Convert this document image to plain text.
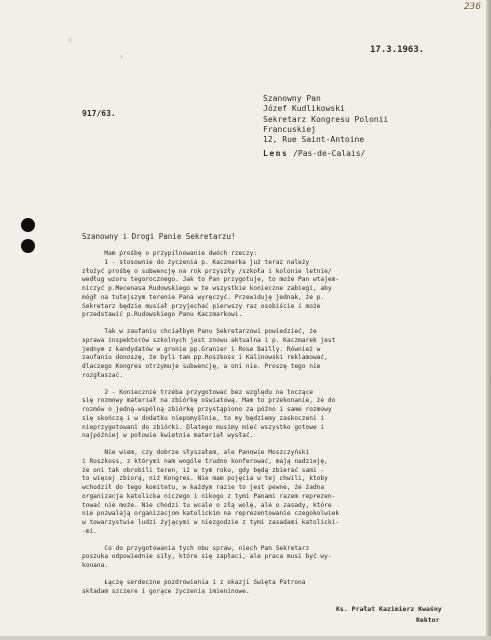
236
17.3.1963.
917/63.
Szanowny Pan
Józef Kudlikowski
Sekretarz Kongresu Polonii
Francuskiej
12, Rue Saint-Antoine
Lens /Pas-de-Calais/
Szanowny i Drogi Panie Sekretarzu!
Mam prośbę o przypilnowanie dwóch rzeczy:
1 - stosownie do życzenia p. Kaczmarka już teraz należy
złożyć prośbę o subwencję na rok przyszły /szkoła i kolonie letnie/
według wzoru tegorocznego. Jak to Pan przygotuje, to może Pan wtajem-
niczyć p.Mecenasa Rudowskiego w te wszystkie konieczne zabiegi, aby
mógł na tutejszym terenie Pana wyręczyć. Przewiduję jednak, że p.
Sekretarz będzie musiał przyjechać pierwszy raz osobiście i może
przedstawić p.Rudowskiego Panu Kaczmarkowi.
Tak w zaufaniu chciałbym Panu Sekretarzowi powiedzieć, że
sprawa inspektorów szkolnych jest znowu aktualna i p. Kaczmarek jest
jednym z kandydatów w gronie pp.Granier i Rose Bailly. Również w
zaufaniu donoszę, że byli tam pp.Roszkoss i Kalinowski reklamować,
dlaczego Kongres otrzymuje subwencję, a oni nie. Proszę tego nie
rozgłaszać.
2 - Koniecznie trzeba przygotować bez względu na toczące
się rozmowy materiał na zbiórkę oświatową. Mam to przekonanie, że do
rozmów o jedną-wspólną zbiórkę przystąpiono za późno i same rozmowy
się skończą i w dodatku niepomyślnie, to my będziemy zaskoczeni i
nieprzygotowani do zbiórki. Dlatego musimy mieć wszystko gotowe i
najpóźniej w połowie kwietnia materiał wysłać.
Nie wiem, czy dobrze słyszałem, ale Panowie Moszczyński
i Roszkoss, z którymi nam wogóle trudno konferować, mają nadzieję,
że oni tak obrobili teren, iż w tym roku, gdy będą zbierać sami -
to więcej zbiorą, niż Kongres. Nie mam pojęcia w tej chwili, ktoby
wchodził do tego komitetu, w każdym razie to jest pewne, że żadna
organizacja katolicka niczego i nikogo z tymi Panami razem reprezen-
tować nie może. Nie chodzi tu wcale o złą wolę, ale o zasady, które
nie pozwalają organizacjom katolickim na reprezentowanie czegokolwiek
w towarzystwie ludzi żyjącymi w niezgodzie z tymi zasadami katolicki-
-mi.
Co do przygotowania tych obu spraw, niech Pan Sekretarz
poszuka odpowiednie siły, które się zapłaci, ale praca musi być wy-
konana.
Łączę serdeczne pozdrowienia i z okazji Święta Patrona
składam szczere i gorące życzenia imieninowe.
Ks. Prałat Kazimierz Kwaśny
Rektor
